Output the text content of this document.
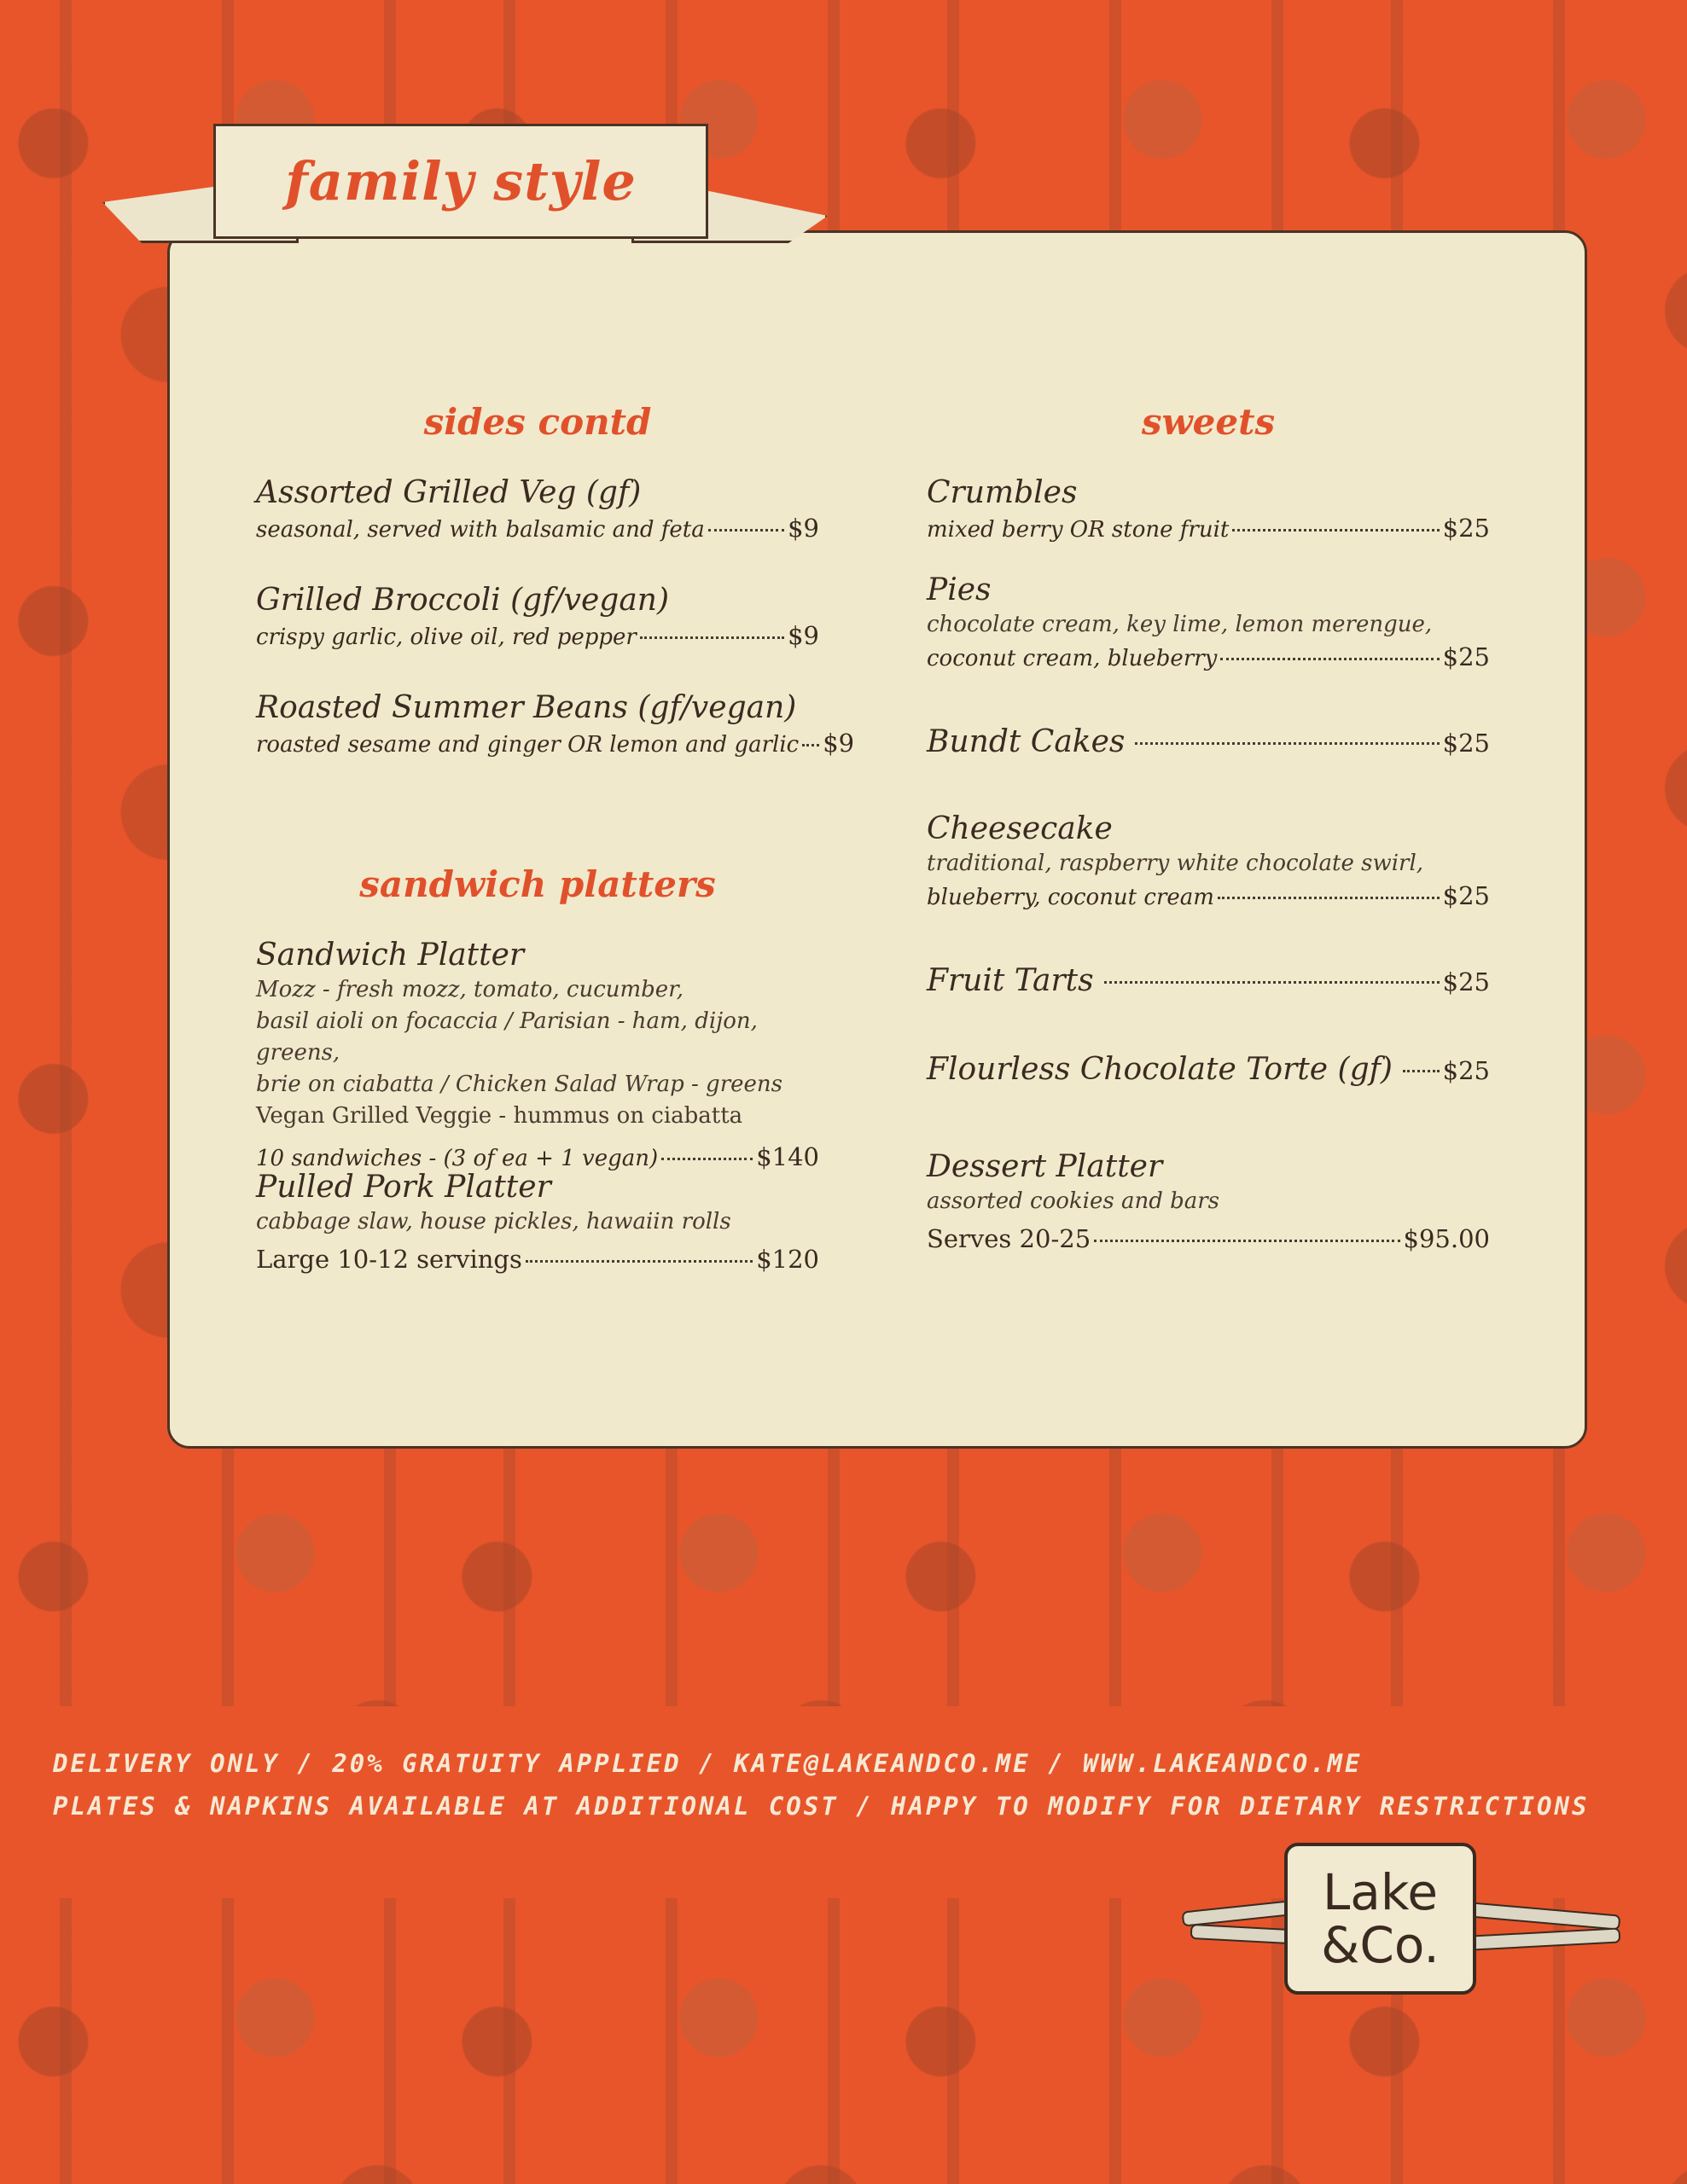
family style
sides contd
Assorted Grilled Veg (gf)
seasonal, served with balsamic and feta	$9
Grilled Broccoli (gf/vegan)
crispy garlic, olive oil, red pepper	$9
Roasted Summer Beans (gf/vegan)
roasted sesame and ginger OR lemon and garlic $9
sandwich platters
Sandwich Platter
Mozz - fresh mozz, tomato, cucumber,
basil aioli on focaccia / Parisian - ham, dijon, greens,
brie on ciabatta / Chicken Salad Wrap - greens
Vegan Grilled Veggie - hummus on ciabatta
10 sandwiches - (3 of ea + 1 vegan)	$140
Pulled Pork Platter
cabbage slaw, house pickles, hawaiin rolls
Large 10-12 servings	$120
sweets
Crumbles
mixed berry OR stone fruit	$25
Pies
chocolate cream, key lime, lemon merengue,
coconut cream, blueberry	$25
Bundt Cakes	$25
Cheesecake
traditional, raspberry white chocolate swirl,
blueberry, coconut cream	$25
Fruit Tarts	$25
Flourless Chocolate Torte (gf) $25
Dessert Platter
assorted cookies and bars
Serves 20-25	$95.00
DELIVERY ONLY / 20% GRATUITY APPLIED / KATE@LAKEANDCO.ME / WWW.LAKEANDCO.ME
PLATES & NAPKINS AVAILABLE AT ADDITIONAL COST / HAPPY TO MODIFY FOR DIETARY RESTRICTIONS
Lake
&Co.
